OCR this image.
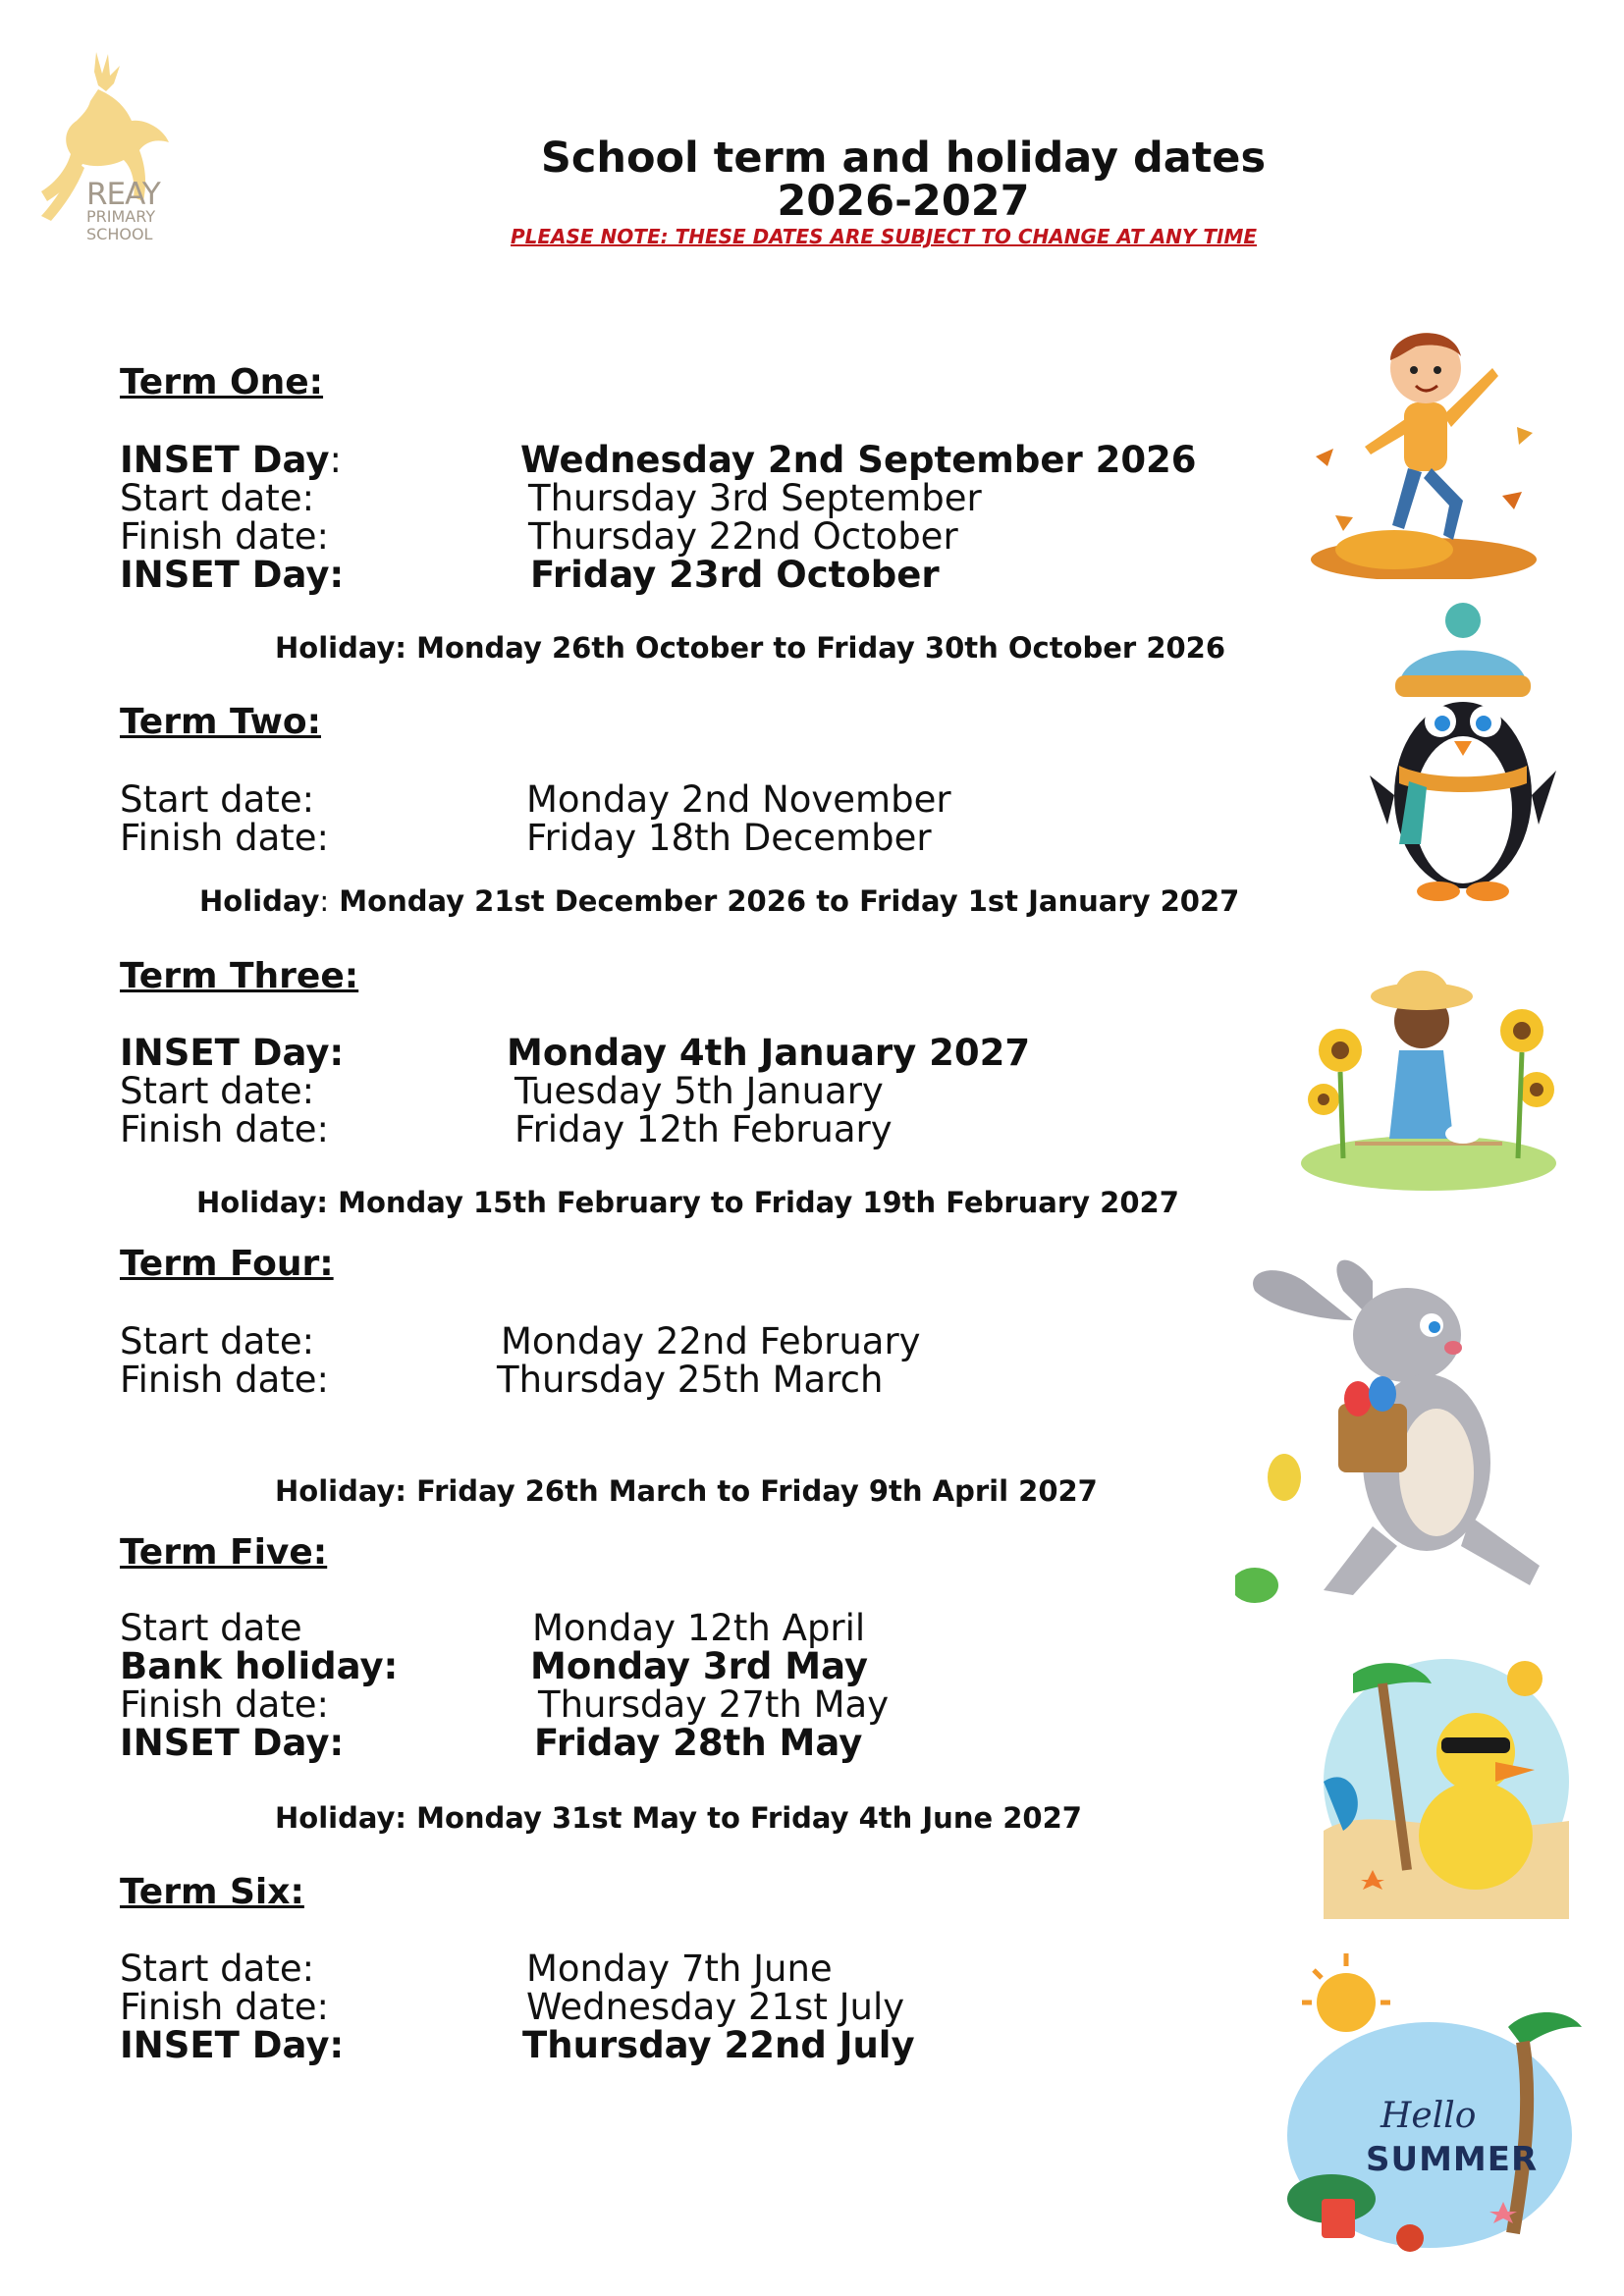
REAY
PRIMARY
SCHOOL
School term and holiday dates
2026-2027
PLEASE NOTE: THESE DATES ARE SUBJECT TO CHANGE AT ANY TIME
Term One:
INSET Day:	Wednesday 2nd September 2026
Start date:	Thursday 3rd September
Finish date:	Thursday 22nd October
INSET Day:	Friday 23rd October
Holiday: Monday 26th October to Friday 30th October 2026
Term Two:
Start date:	Monday 2nd November
Finish date:	Friday 18th December
Holiday: Monday 21st December 2026 to Friday 1st January 2027
Term Three:
INSET Day:	Monday 4th January 2027
Start date:	Tuesday 5th January
Finish date:	Friday 12th February
Holiday: Monday 15th February to Friday 19th February 2027
Term Four:
Start date:	Monday 22nd February
Finish date:	Thursday 25th March
Holiday: Friday 26th March to Friday 9th April 2027
Term Five:
Start date	Monday 12th April
Bank holiday:	Monday 3rd May
Finish date:	Thursday 27th May
INSET Day:	Friday 28th May
Holiday: Monday 31st May to Friday 4th June 2027
Term Six:
Start date:	Monday 7th June
Finish date:	Wednesday 21st July
INSET Day:	Thursday 22nd July
Hello
SUMMER
